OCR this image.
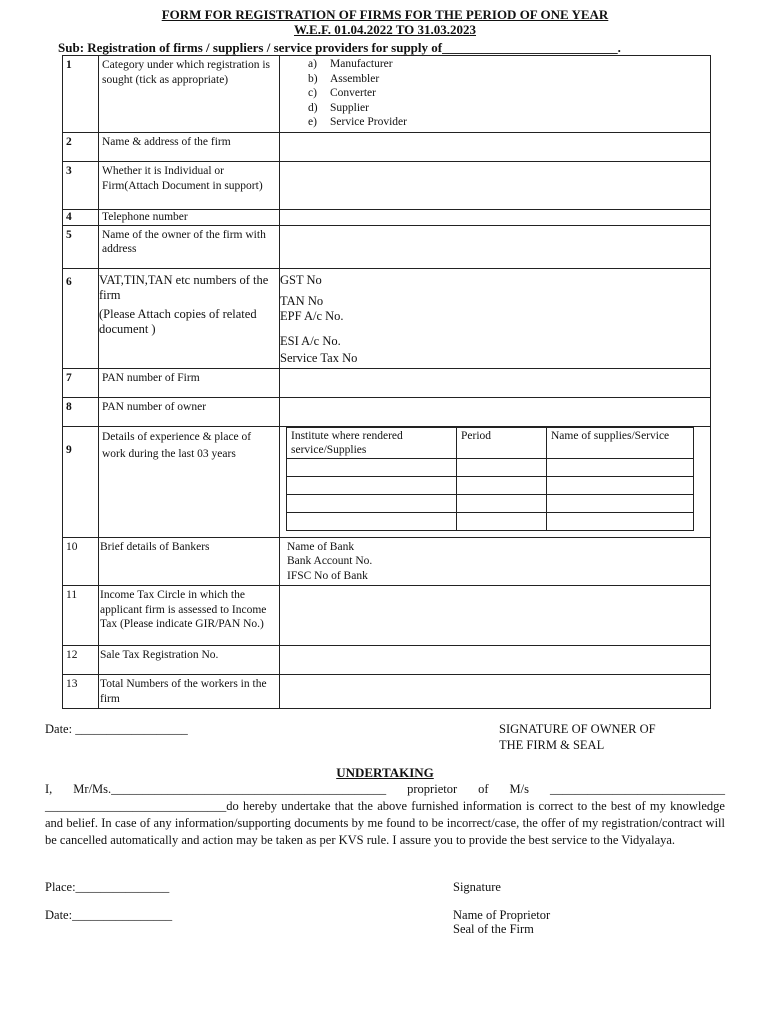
FORM FOR REGISTRATION OF FIRMS FOR THE PERIOD OF ONE YEAR
W.E.F. 01.04.2022 TO 31.03.2023
Sub: Registration of firms / suppliers / service providers for supply of___________________________.
1	Category under which registration is sought (tick as appropriate)	
a) Manufacturer
b) Assembler
c) Converter
d) Supplier
e) Service Provider

2	Name & address of the firm	
3	Whether it is Individual or Firm(Attach Document in support)	
4	Telephone number	
5	Name of the owner of the firm with address	
6	VAT,TIN,TAN etc numbers of the firm
(Please Attach copies of related document )

GST No
TAN No
EPF A/c No.
ESI A/c No.
Service Tax No

7	PAN number of Firm	
8	PAN number of owner	
9	Details of experience & place of work during the last 03 years	
Institute where rendered service/Supplies	Period	Name of supplies/Service

10	Brief details of Bankers	Name of Bank
Bank Account No.
IFSC No of Bank

11	Income Tax Circle in which the applicant firm is assessed to Income Tax (Please indicate GIR/PAN No.)	
12	Sale Tax Registration No.	
13	Total Numbers of the workers in the firm	
Date: __________________	SIGNATURE OF OWNER OF
THE FIRM & SEAL
UNDERTAKING
I, Mr/Ms.____________________________________________ proprietor of M/s ____________________________ _____________________________do hereby undertake that the above furnished information is correct to the best of my knowledge and belief. In case of any information/supporting documents by me found to be incorrect/case, the offer of my registration/contract will be cancelled automatically and action may be taken as per KVS rule. I assure you to provide the best service to the Vidyalaya.
Place:_______________	Signature
Date:________________	Name of Proprietor
Seal of the Firm
